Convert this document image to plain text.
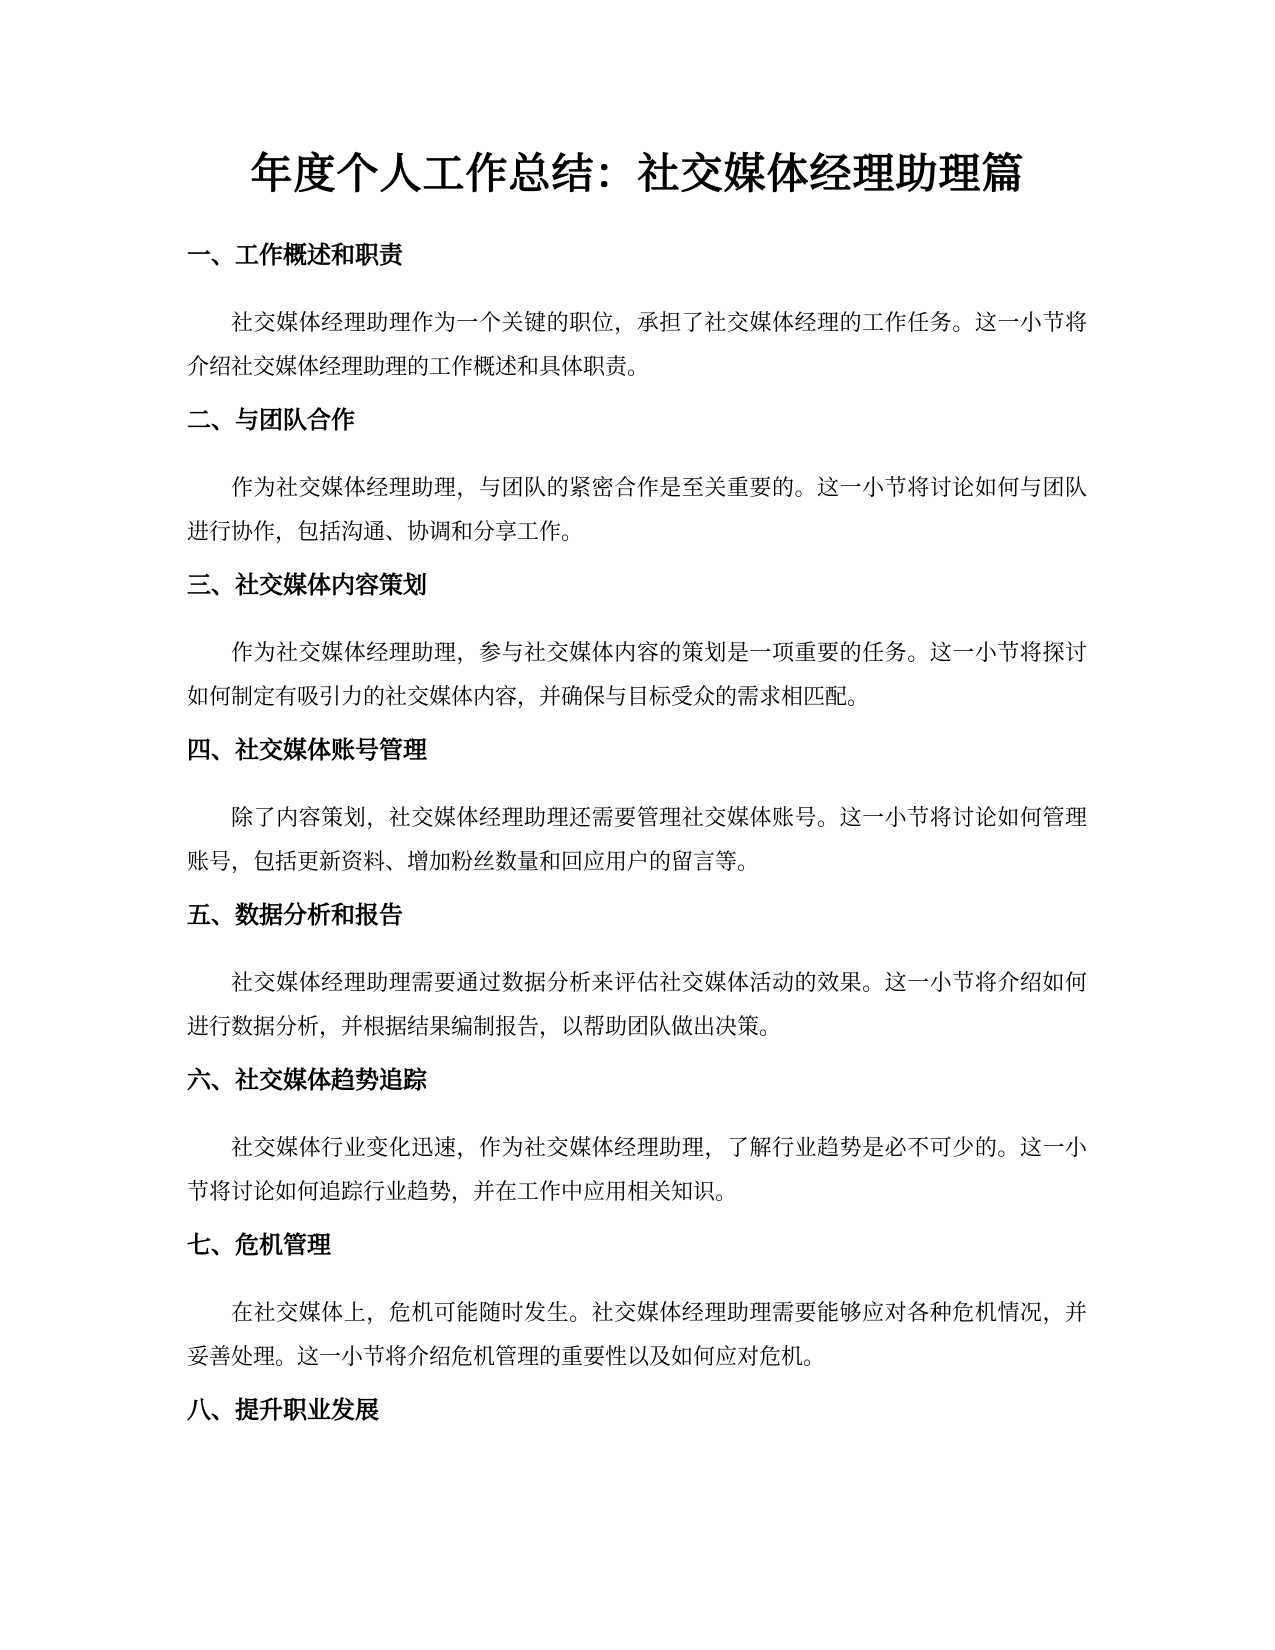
年度个人工作总结：社交媒体经理助理篇
一、工作概述和职责

社交媒体经理助理作为一个关键的职位，承担了社交媒体经理的工作任务。这一小节将介绍社交媒体经理助理的工作概述和具体职责。

二、与团队合作

作为社交媒体经理助理，与团队的紧密合作是至关重要的。这一小节将讨论如何与团队进行协作，包括沟通、协调和分享工作。

三、社交媒体内容策划

作为社交媒体经理助理，参与社交媒体内容的策划是一项重要的任务。这一小节将探讨如何制定有吸引力的社交媒体内容，并确保与目标受众的需求相匹配。

四、社交媒体账号管理

除了内容策划，社交媒体经理助理还需要管理社交媒体账号。这一小节将讨论如何管理账号，包括更新资料、增加粉丝数量和回应用户的留言等。

五、数据分析和报告

社交媒体经理助理需要通过数据分析来评估社交媒体活动的效果。这一小节将介绍如何进行数据分析，并根据结果编制报告，以帮助团队做出决策。

六、社交媒体趋势追踪

社交媒体行业变化迅速，作为社交媒体经理助理，了解行业趋势是必不可少的。这一小节将讨论如何追踪行业趋势，并在工作中应用相关知识。

七、危机管理

在社交媒体上，危机可能随时发生。社交媒体经理助理需要能够应对各种危机情况，并妥善处理。这一小节将介绍危机管理的重要性以及如何应对危机。

八、提升职业发展
